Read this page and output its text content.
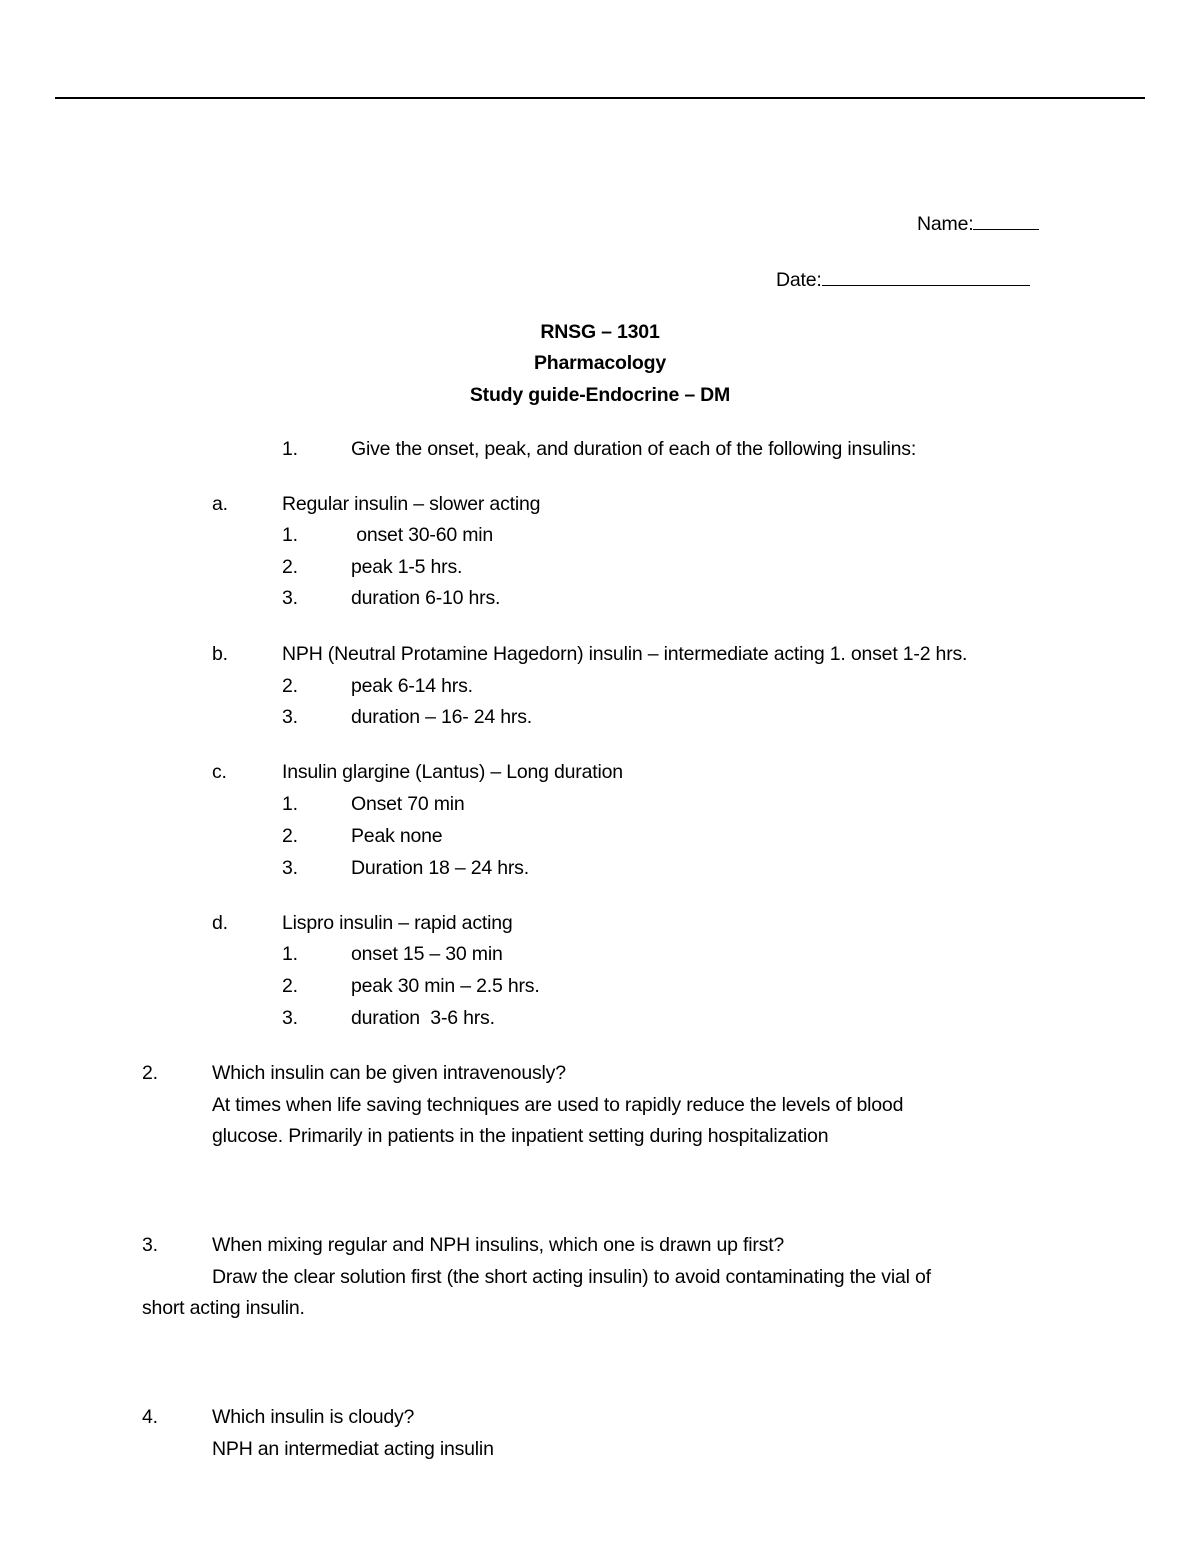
Name:
Date:
RNSG – 1301
Pharmacology
Study guide-Endocrine – DM
1.	Give the onset, peak, and duration of each of the following insulins:
a.	Regular insulin – slower acting
1.	onset 30-60 min
2.	peak 1-5 hrs.
3.	duration 6-10 hrs.
b.	NPH (Neutral Protamine Hagedorn) insulin – intermediate acting 1. onset 1-2 hrs.
2.	peak 6-14 hrs.
3.	duration – 16- 24 hrs.
c.	Insulin glargine (Lantus) – Long duration
1.	Onset 70 min
2.	Peak none
3.	Duration 18 – 24 hrs.
d.	Lispro insulin – rapid acting
1.	onset 15 – 30 min
2.	peak 30 min – 2.5 hrs.
3.	duration  3-6 hrs.
2.	Which insulin can be given intravenously?
At times when life saving techniques are used to rapidly reduce the levels of blood
glucose. Primarily in patients in the inpatient setting during hospitalization
3.	When mixing regular and NPH insulins, which one is drawn up first?
Draw the clear solution first (the short acting insulin) to avoid contaminating the vial of
short acting insulin.
4.	Which insulin is cloudy?
NPH an intermediat acting insulin
